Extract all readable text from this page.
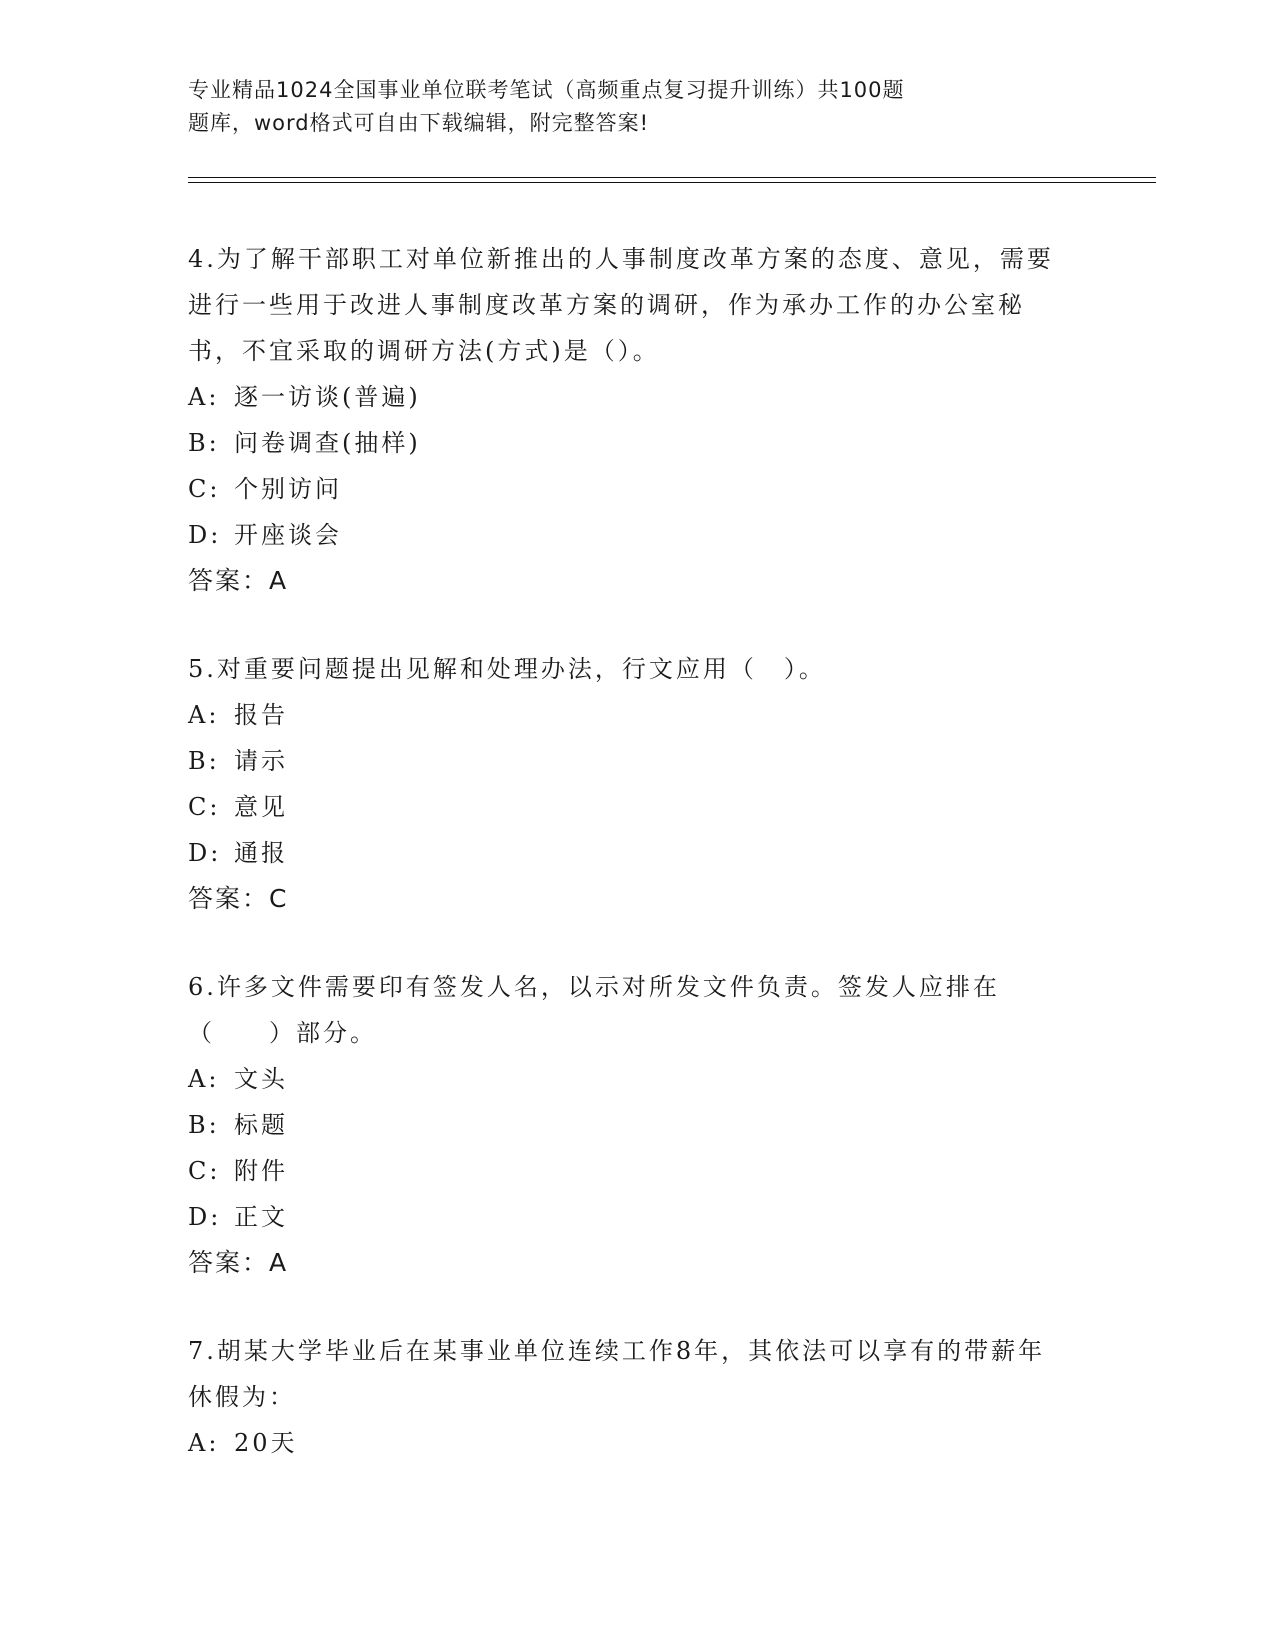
专业精品1024全国事业单位联考笔试（高频重点复习提升训练）共100题
题库，word格式可自由下载编辑，附完整答案!
4.为了解干部职工对单位新推出的人事制度改革方案的态度、意见，需要进行一些用于改进人事制度改革方案的调研，作为承办工作的办公室秘书，不宜采取的调研方法(方式)是（）。
A: 逐一访谈(普遍)
B: 问卷调查(抽样)
C: 个别访问
D: 开座谈会
答案：A
5.对重要问题提出见解和处理办法，行文应用（　）。
A: 报告
B: 请示
C: 意见
D: 通报
答案：C
6.许多文件需要印有签发人名，以示对所发文件负责。签发人应排在（　　）部分。
A: 文头
B: 标题
C: 附件
D: 正文
答案：A
7.胡某大学毕业后在某事业单位连续工作8年，其依法可以享有的带薪年休假为：
A: 20天
